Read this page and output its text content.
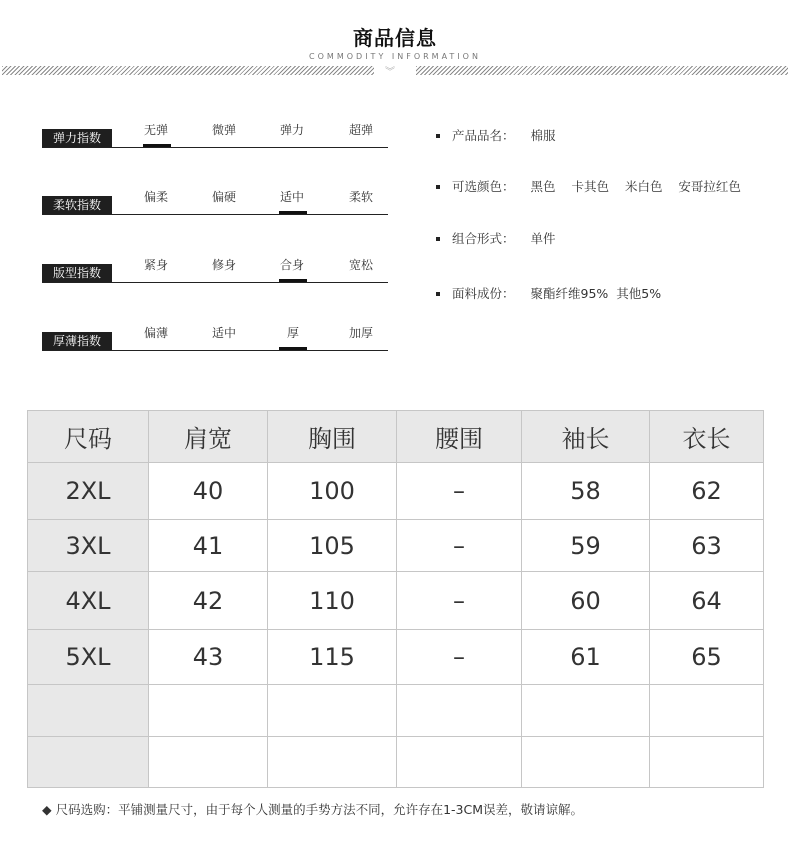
商品信息
COMMODITY INFORMATION
︾
弹力指数
无弹	微弹	弹力	超弹
柔软指数
偏柔	偏硬	适中	柔软
版型指数
紧身	修身	合身	宽松
厚薄指数
偏薄	适中	厚	加厚
产品品名： 棉服
可选颜色： 黑色 卡其色 米白色 安哥拉红色
组合形式： 单件
面料成份： 聚酯纤维95% 其他5%
尺码	肩宽	胸围	腰围	袖长	衣长
2XL	40	100	–	58	62
3XL	41	105	–	59	63
4XL	42	110	–	60	64
5XL	43	115	–	61	65

◆ 尺码选购：平铺测量尺寸，由于每个人测量的手势方法不同，允许存在1-3CM误差，敬请谅解。
